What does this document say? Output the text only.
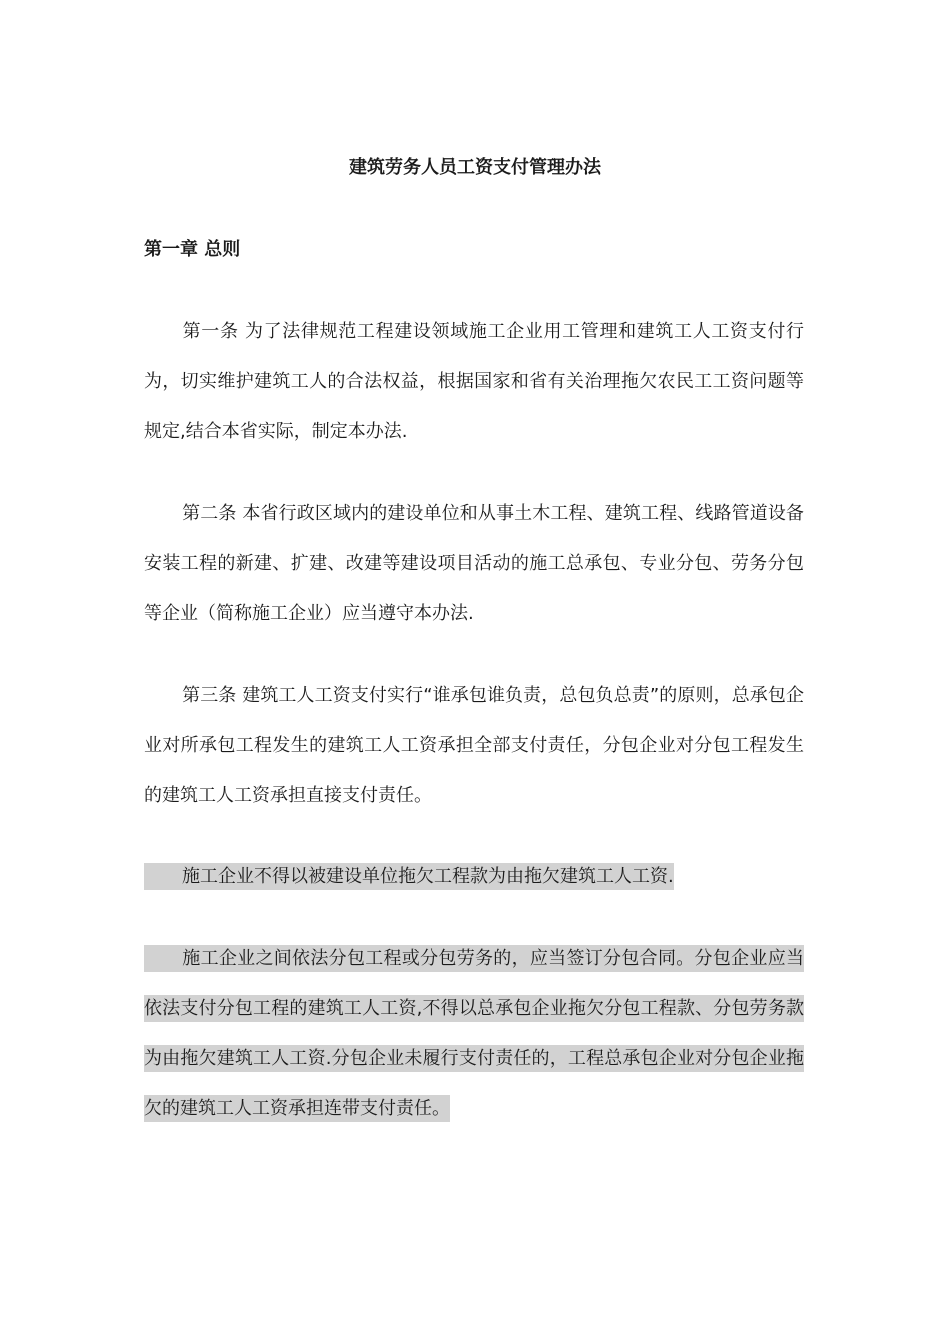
建筑劳务人员工资支付管理办法
第一章 总则

第一条 为了法律规范工程建设领域施工企业用工管理和建筑工人工资支付行为，切实维护建筑工人的合法权益，根据国家和省有关治理拖欠农民工工资问题等规定,结合本省实际，制定本办法.

第二条 本省行政区域内的建设单位和从事土木工程、建筑工程、线路管道设备安装工程的新建、扩建、改建等建设项目活动的施工总承包、专业分包、劳务分包等企业（简称施工企业）应当遵守本办法.

第三条 建筑工人工资支付实行“谁承包谁负责，总包负总责”的原则，总承包企业对所承包工程发生的建筑工人工资承担全部支付责任，分包企业对分包工程发生的建筑工人工资承担直接支付责任。

施工企业不得以被建设单位拖欠工程款为由拖欠建筑工人工资.

施工企业之间依法分包工程或分包劳务的，应当签订分包合同。分包企业应当依法支付分包工程的建筑工人工资,不得以总承包企业拖欠分包工程款、分包劳务款为由拖欠建筑工人工资.分包企业未履行支付责任的，工程总承包企业对分包企业拖欠的建筑工人工资承担连带支付责任。
